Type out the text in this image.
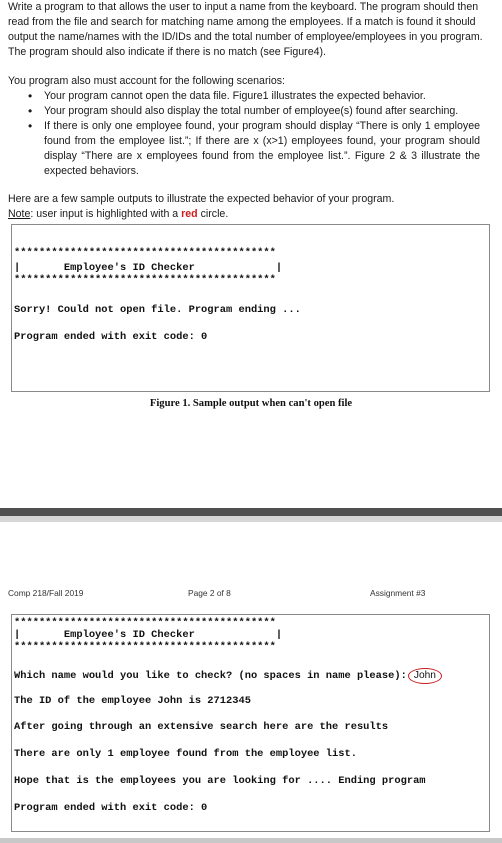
Write a program to that allows the user to input a name from the keyboard. The program should then read from the file and search for matching name among the employees. If a match is found it should output the name/names with the ID/IDs and the total number of employee/employees in you program. The program should also indicate if there is no match (see Figure4).

You program also must account for the following scenarios:

• Your program cannot open the data file. Figure1 illustrates the expected behavior.
• Your program should also display the total number of employee(s) found after searching.
• If there is only one employee found, your program should display “There is only 1 employee found from the employee list.”; If there are x (x>1) employees found, your program should display “There are x employees found from the employee list.”. Figure 2 & 3 illustrate the expected behaviors.

Here are a few sample outputs to illustrate the expected behavior of your program.

Note: user input is highlighted with a red circle.

******************************************
|       Employee's ID Checker             |
******************************************
Sorry! Could not open file. Program ending ...
Program ended with exit code: 0
Figure 1. Sample output when can't open file
Comp 218/Fall 2019	Page 2 of 8	Assignment #3
******************************************
|       Employee's ID Checker             |
******************************************
Which name would you like to check? (no spaces in name please): John
The ID of the employee John is 2712345
After going through an extensive search here are the results
There are only 1 employee found from the employee list.
Hope that is the employees you are looking for .... Ending program
Program ended with exit code: 0
